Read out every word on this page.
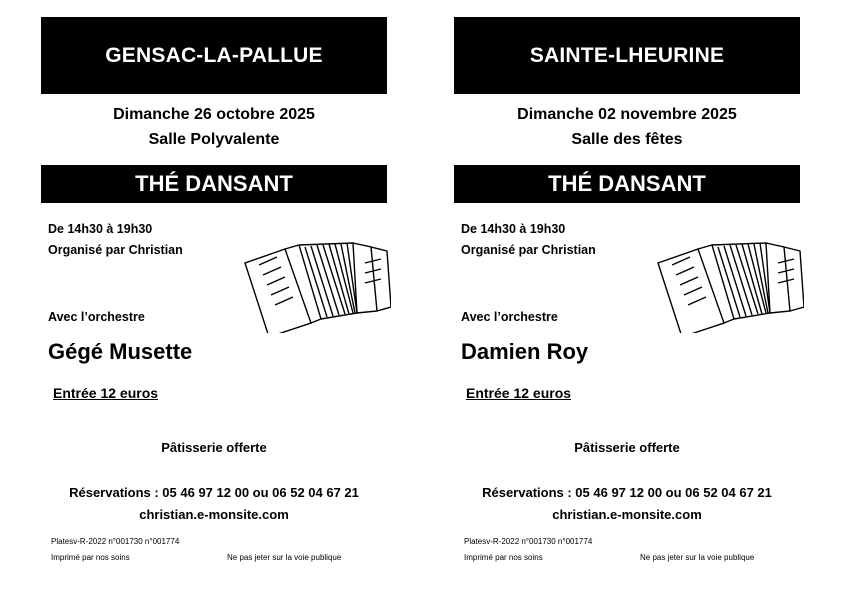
GENSAC-LA-PALLUE
Dimanche 26 octobre 2025
Salle Polyvalente
THÉ DANSANT
De 14h30 à 19h30
Organisé par Christian
Avec l’orchestre
Gégé Musette
Entrée 12 euros
Pâtisserie offerte
Réservations : 05 46 97 12 00 ou 06 52 04 67 21
christian.e-monsite.com
Platesv-R-2022 n°001730 n°001774
Imprimé par nos soins	Ne pas jeter sur la voie publique
SAINTE-LHEURINE
Dimanche 02 novembre 2025
Salle des fêtes
THÉ DANSANT
De 14h30 à 19h30
Organisé par Christian
Avec l’orchestre
Damien Roy
Entrée 12 euros
Pâtisserie offerte
Réservations : 05 46 97 12 00 ou 06 52 04 67 21
christian.e-monsite.com
Platesv-R-2022 n°001730 n°001774
Imprimé par nos soins	Ne pas jeter sur la voie publique
